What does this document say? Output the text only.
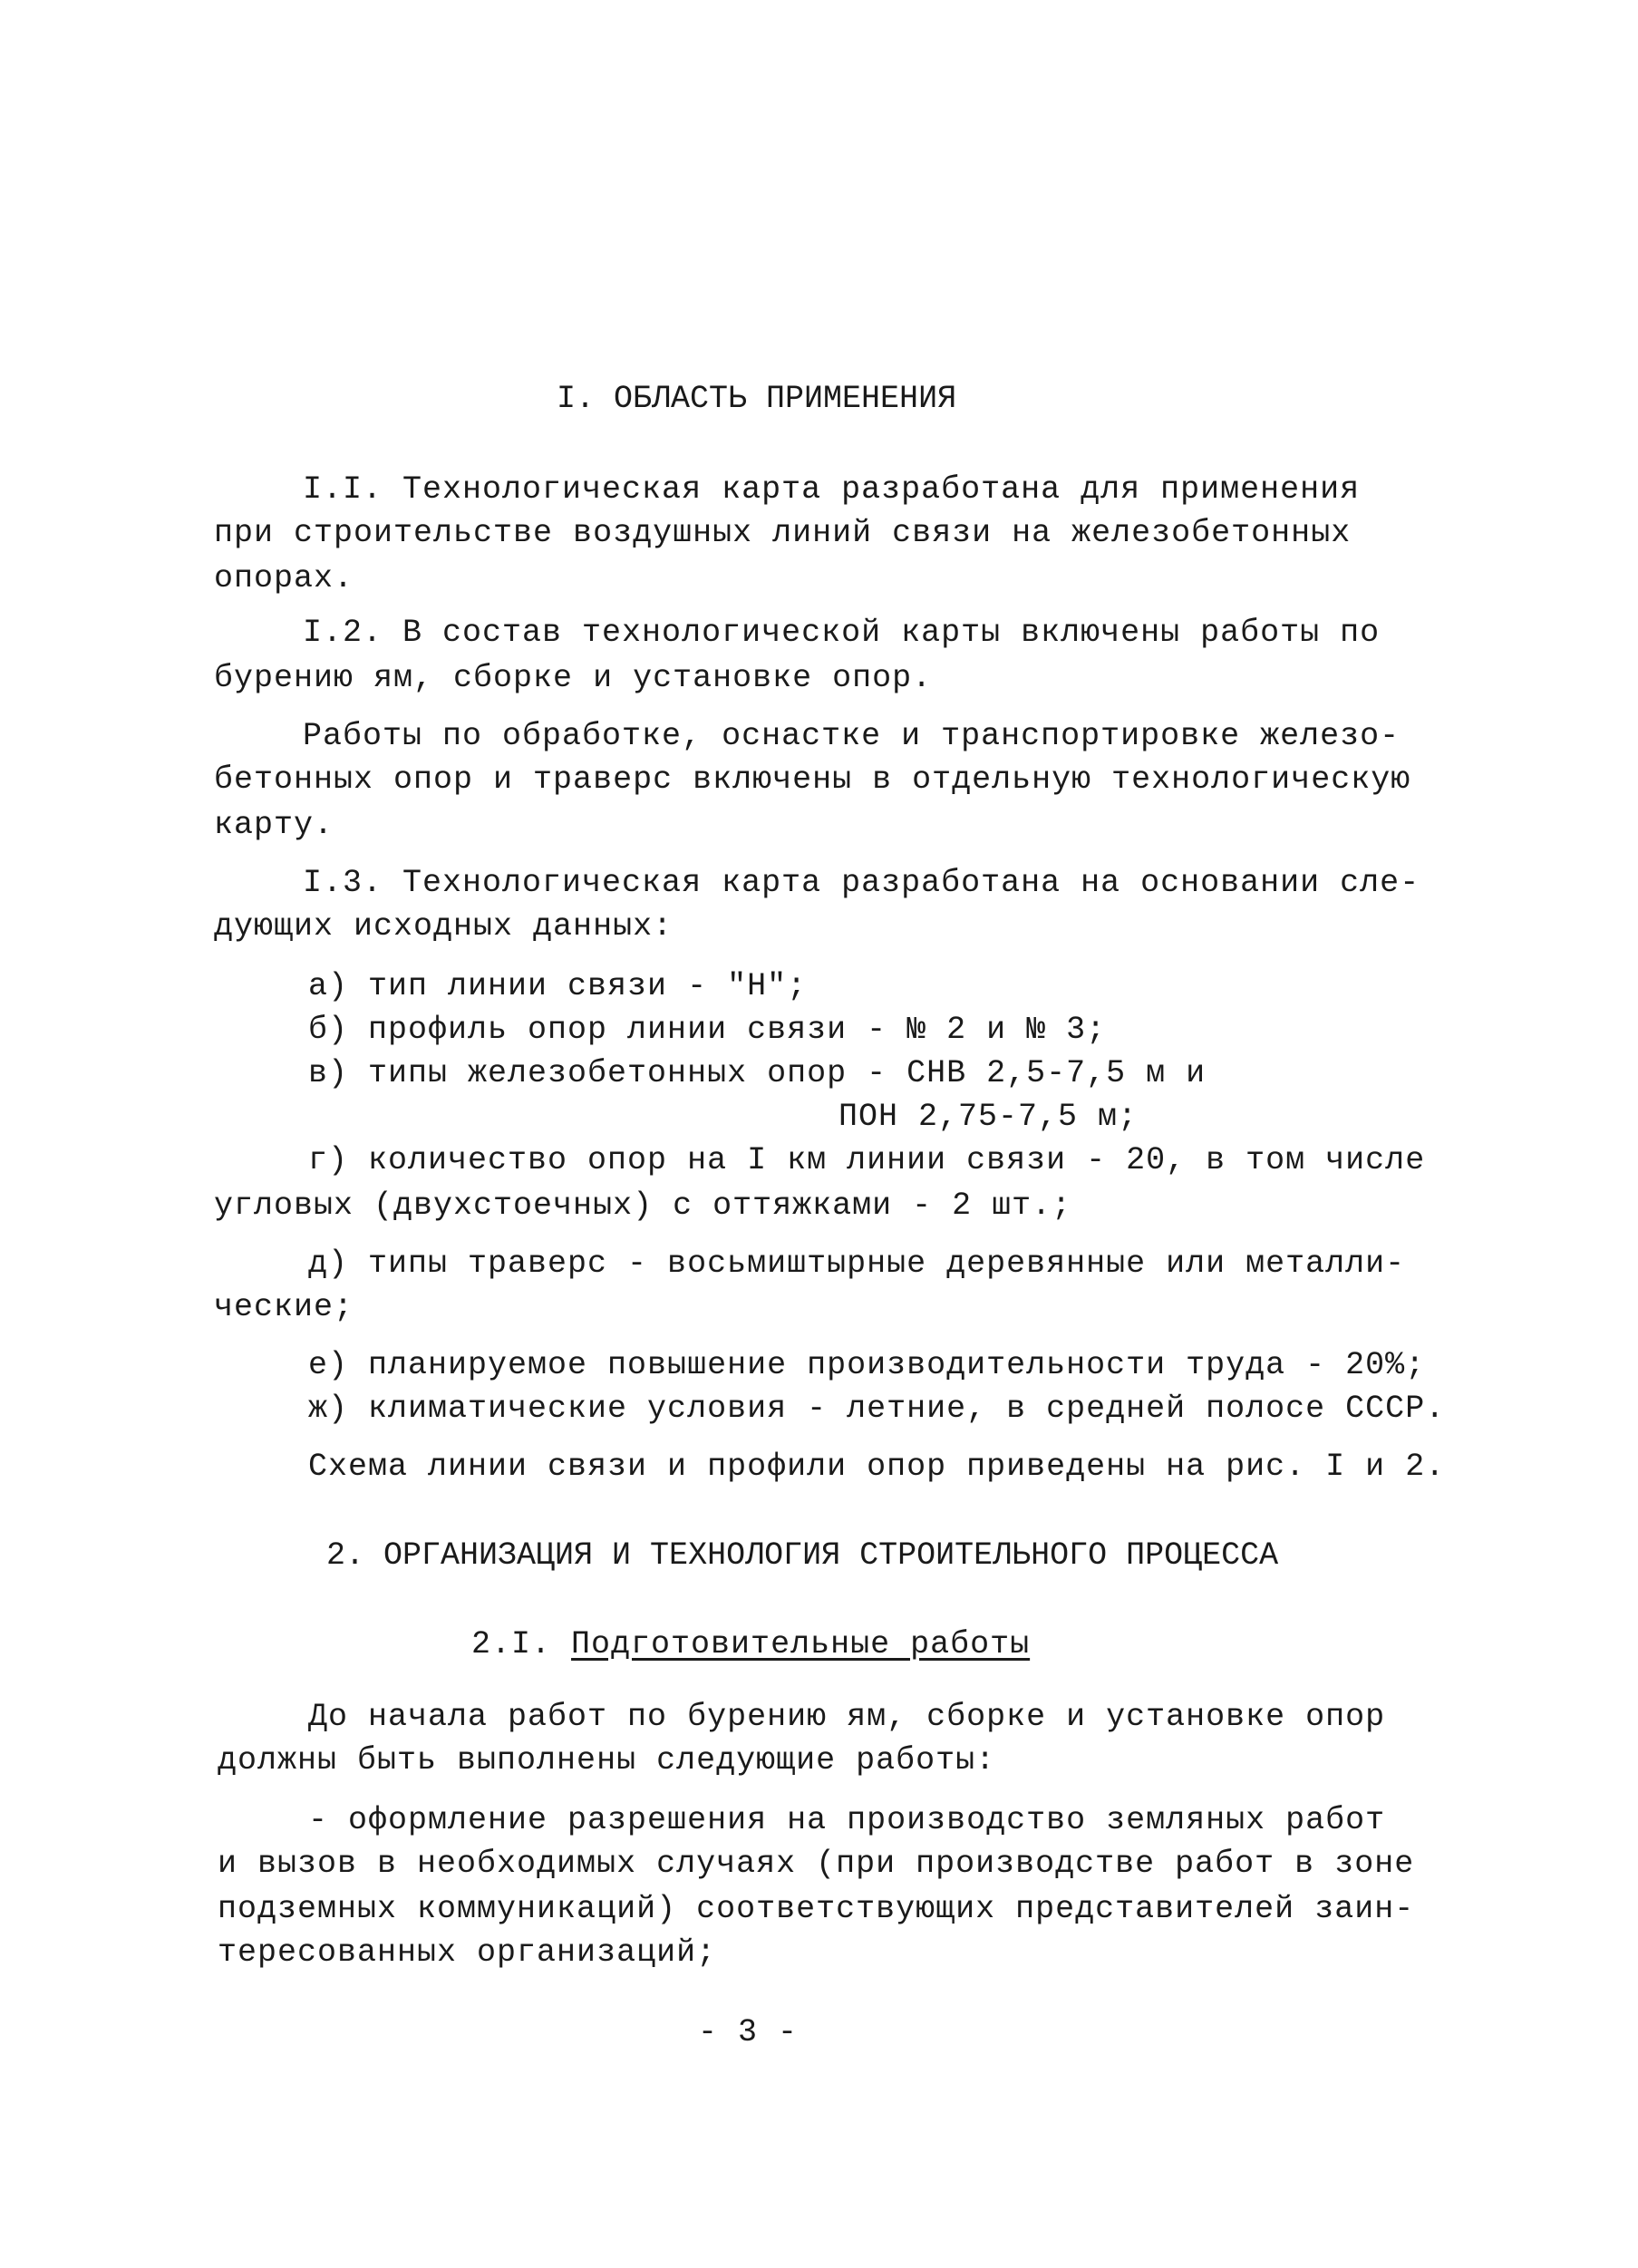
I. ОБЛАСТЬ ПРИМЕНЕНИЯ
I.I. Технологическая карта разработана для применения
при строительстве воздушных линий связи на железобетонных
опорах.
I.2. В состав технологической карты включены работы по
бурению ям, сборке и установке опор.
Работы по обработке, оснастке и транспортировке железо-
бетонных опор и траверс включены в отдельную технологическую
карту.
I.3. Технологическая карта разработана на основании сле-
дующих исходных данных:
а) тип линии связи - "Н";
б) профиль опор линии связи - № 2 и № 3;
в) типы железобетонных опор - СНВ 2,5-7,5 м и
ПОН 2,75-7,5 м;
г) количество опор на I км линии связи - 20, в том числе
угловых (двухстоечных) с оттяжками - 2 шт.;
д) типы траверс - восьмиштырные деревянные или металли-
ческие;
е) планируемое повышение производительности труда - 20%;
ж) климатические условия - летние, в средней полосе СССР.
Схема линии связи и профили опор приведены на рис. I и 2.
2. ОРГАНИЗАЦИЯ И ТЕХНОЛОГИЯ СТРОИТЕЛЬНОГО ПРОЦЕССА
2.I. Подготовительные работы
До начала работ по бурению ям, сборке и установке опор
должны быть выполнены следующие работы:
- оформление разрешения на производство земляных работ
и вызов в необходимых случаях (при производстве работ в зоне
подземных коммуникаций) соответствующих представителей заин-
тересованных организаций;
- 3 -
